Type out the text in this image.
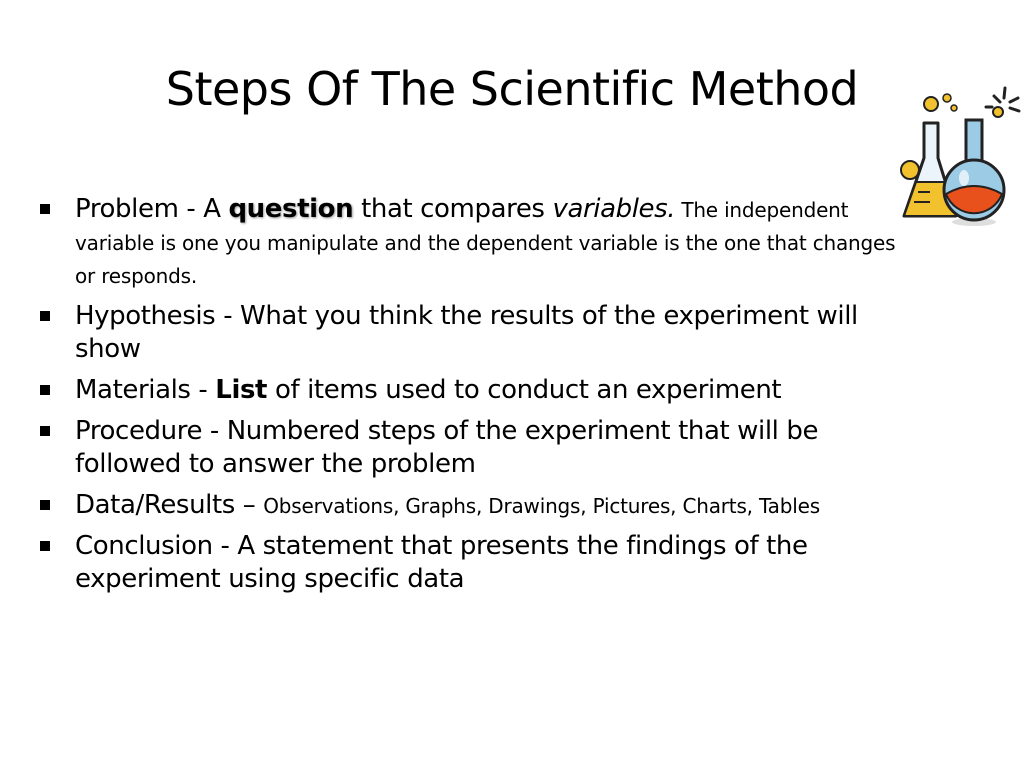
Steps Of The Scientific Method
Problem - A question that compares variables. The independent variable is one you manipulate and the dependent variable is the one that changes or responds.
Hypothesis - What you think the results of the experiment will show
Materials - List of items used to conduct an experiment
Procedure - Numbered steps of the experiment that will be followed to answer the problem
Data/Results – Observations, Graphs, Drawings, Pictures, Charts, Tables
Conclusion - A statement that presents the findings of the experiment using specific data
